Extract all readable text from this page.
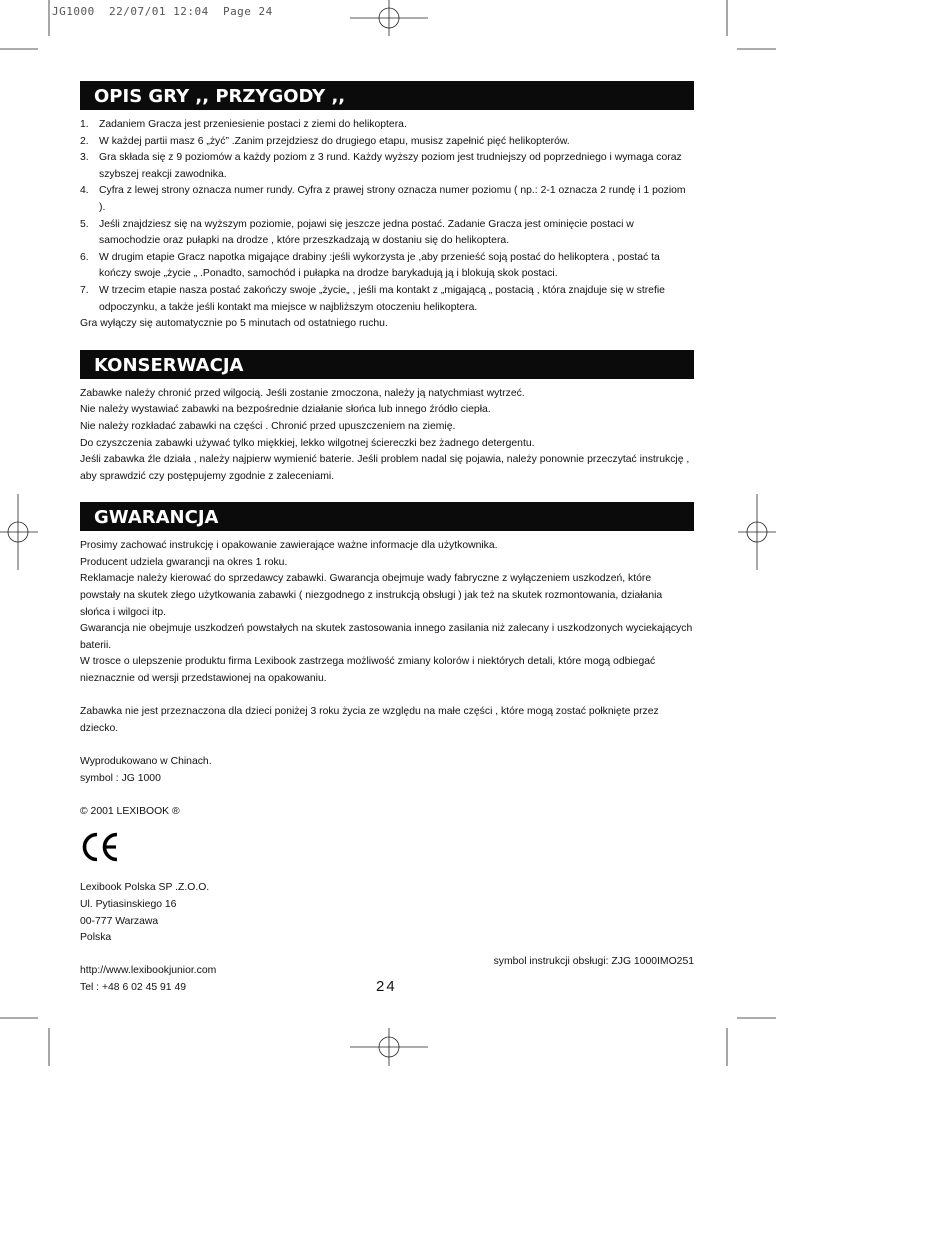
JG1000  22/07/01 12:04  Page 24
OPIS GRY ,, PRZYGODY ,,
1. Zadaniem Gracza jest przeniesienie postaci z ziemi do helikoptera.
2. W każdej partii masz 6 „żyć” .Zanim przejdziesz do drugiego etapu, musisz zapełnić pięć helikopterów.
3. Gra składa się z 9 poziomów a każdy poziom z 3 rund. Każdy wyższy poziom jest trudniejszy od poprzedniego i wymaga coraz szybszej reakcji zawodnika.
4. Cyfra z lewej strony oznacza numer rundy. Cyfra z prawej strony oznacza numer poziomu ( np.: 2-1 oznacza 2 rundę i 1 poziom ).
5. Jeśli znajdziesz się na wyższym poziomie, pojawi się jeszcze jedna postać. Zadanie Gracza jest ominięcie postaci w samochodzie oraz pułapki na drodze , które przeszkadzają w dostaniu się do helikoptera.
6. W drugim etapie Gracz napotka migające drabiny :jeśli wykorzysta je ,aby przenieść soją postać do helikoptera , postać ta kończy swoje „życie „ .Ponadto, samochód i pułapka na drodze barykadują ją i blokują skok postaci.
7. W trzecim etapie nasza postać zakończy swoje „życie„ , jeśli ma kontakt z „migającą „ postacią , która znajduje się w strefie odpoczynku, a także jeśli kontakt ma miejsce w najbliższym otoczeniu helikoptera.

Gra wyłączy się automatycznie po 5 minutach od ostatniego ruchu.

KONSERWACJA

Zabawke należy chronić przed wilgocią. Jeśli zostanie zmoczona, należy ją natychmiast wytrzeć.

Nie należy wystawiać zabawki na bezpośrednie działanie słońca lub innego źródło ciepła.

Nie należy rozkładać zabawki na części . Chronić przed upuszczeniem na ziemię.

Do czyszczenia zabawki używać tylko miękkiej, lekko wilgotnej ściereczki bez żadnego detergentu.

Jeśli zabawka źle działa , należy najpierw wymienić baterie. Jeśli problem nadal się pojawia, należy ponownie przeczytać instrukcję , aby sprawdzić czy postępujemy zgodnie z zaleceniami.

GWARANCJA

Prosimy zachować instrukcję i opakowanie zawierające ważne informacje dla użytkownika.

Producent udziela gwarancji na okres 1 roku.

Reklamacje należy kierować do sprzedawcy zabawki. Gwarancja obejmuje wady fabryczne z wyłączeniem uszkodzeń, które powstały na skutek złego użytkowania zabawki ( niezgodnego z instrukcją obsługi ) jak też na skutek rozmontowania, działania słońca i wilgoci itp.

Gwarancja nie obejmuje uszkodzeń powstałych na skutek zastosowania innego zasilania niż zalecany i uszkodzonych wyciekających baterii.

W trosce o ulepszenie produktu firma Lexibook zastrzega możliwość zmiany kolorów i niektórych detali, które mogą odbiegać nieznacznie od wersji przedstawionej na opakowaniu.

Zabawka nie jest przeznaczona dla dzieci poniżej 3 roku życia ze względu na małe części , które mogą zostać połknięte przez dziecko.

Wyprodukowano w Chinach.

symbol : JG 1000

© 2001 LEXIBOOK ®

Lexibook Polska SP .Z.O.O.

Ul. Pytiasinskiego 16

00-777 Warzawa

Polska

http://www.lexibookjunior.com

Tel : +48 6 02 45 91 49

symbol instrukcji obsługi: ZJG 1000IMO251
24
